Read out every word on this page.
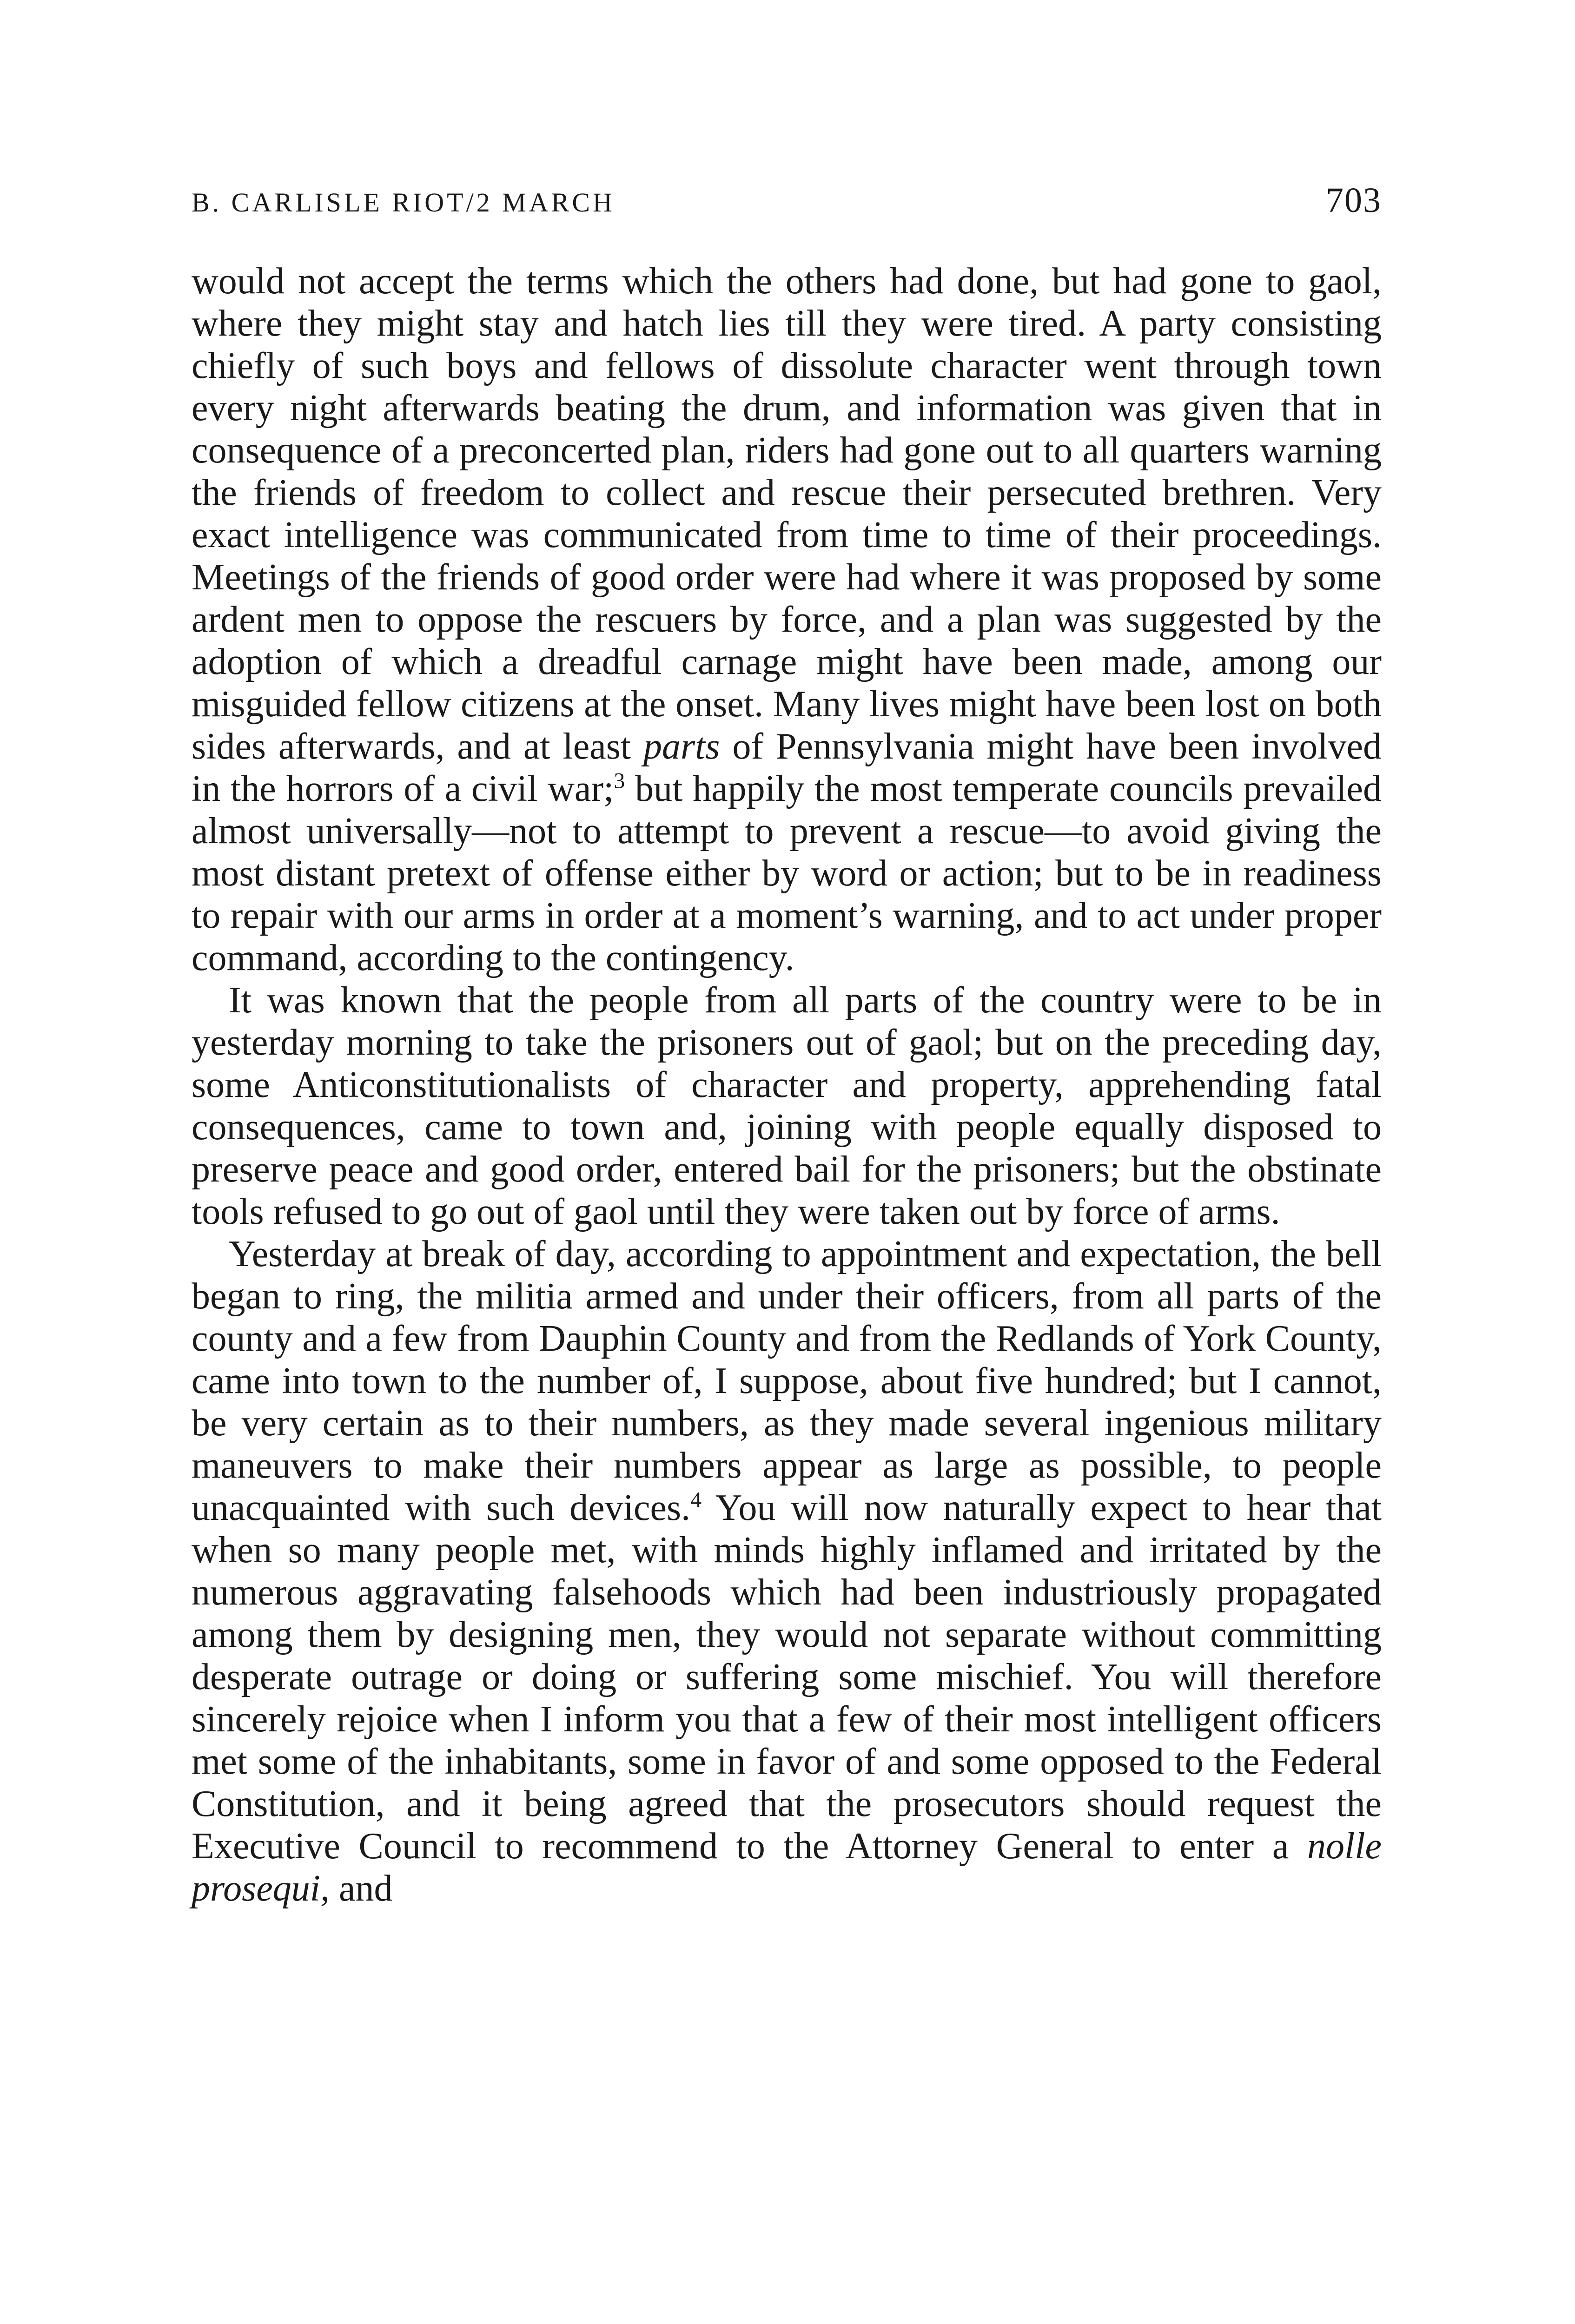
B. CARLISLE RIOT/2 MARCH	703

would not accept the terms which the others had done, but had gone to gaol, where they might stay and hatch lies till they were tired. A party consisting chiefly of such boys and fellows of dissolute character went through town every night afterwards beating the drum, and information was given that in consequence of a preconcerted plan, riders had gone out to all quarters warning the friends of freedom to collect and rescue their persecuted brethren. Very exact intelligence was communicated from time to time of their proceedings. Meetings of the friends of good order were had where it was proposed by some ardent men to oppose the rescuers by force, and a plan was suggested by the adoption of which a dreadful carnage might have been made, among our misguided fellow citizens at the onset. Many lives might have been lost on both sides afterwards, and at least parts of Pennsylvania might have been involved in the horrors of a civil war;$^3$ but happily the most temperate councils prevailed almost universally—not to attempt to prevent a rescue—to avoid giving the most distant pretext of offense either by word or action; but to be in readiness to repair with our arms in order at a moment’s warning, and to act under proper command, according to the contingency.

It was known that the people from all parts of the country were to be in yesterday morning to take the prisoners out of gaol; but on the preceding day, some Anticonstitutionalists of character and property, apprehending fatal consequences, came to town and, joining with people equally disposed to preserve peace and good order, entered bail for the prisoners; but the obstinate tools refused to go out of gaol until they were taken out by force of arms.

Yesterday at break of day, according to appointment and expectation, the bell began to ring, the militia armed and under their officers, from all parts of the county and a few from Dauphin County and from the Redlands of York County, came into town to the number of, I suppose, about five hundred; but I cannot, be very certain as to their numbers, as they made several ingenious military maneuvers to make their numbers appear as large as possible, to people unacquainted with such devices.$^4$ You will now naturally expect to hear that when so many people met, with minds highly inflamed and irritated by the numerous aggravating falsehoods which had been industriously propagated among them by designing men, they would not separate without committing desperate outrage or doing or suffering some mischief. You will therefore sincerely rejoice when I inform you that a few of their most intelligent officers met some of the inhabitants, some in favor of and some opposed to the Federal Constitution, and it being agreed that the prosecutors should request the Executive Council to recommend to the Attorney General to enter a nolle prosequi, and
